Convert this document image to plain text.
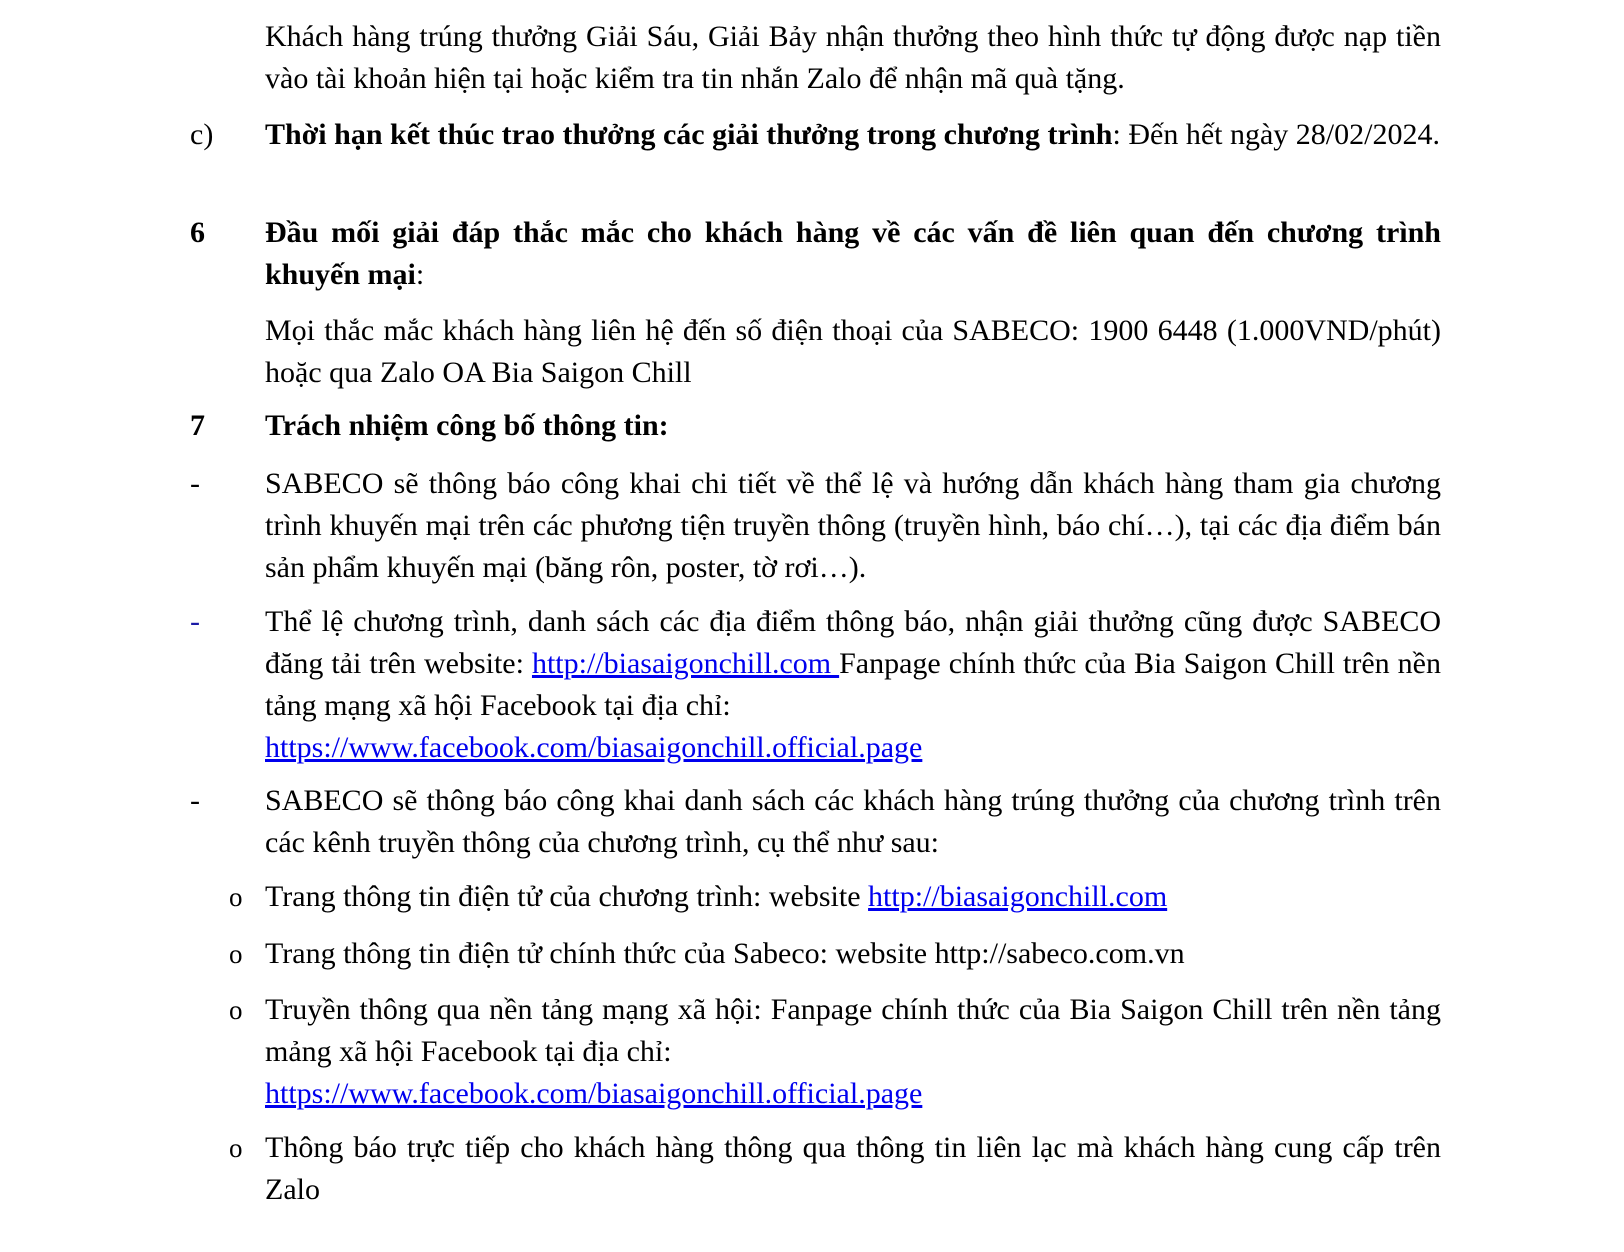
Khách hàng trúng thưởng Giải Sáu, Giải Bảy nhận thưởng theo hình thức tự động được nạp tiền vào tài khoản hiện tại hoặc kiểm tra tin nhắn Zalo để nhận mã quà tặng.
c) Thời hạn kết thúc trao thưởng các giải thưởng trong chương trình: Đến hết ngày 28/02/2024.
6 Đầu mối giải đáp thắc mắc cho khách hàng về các vấn đề liên quan đến chương trình khuyến mại:
Mọi thắc mắc khách hàng liên hệ đến số điện thoại của SABECO: 1900 6448 (1.000VND/phút) hoặc qua Zalo OA Bia Saigon Chill
7 Trách nhiệm công bố thông tin:
- SABECO sẽ thông báo công khai chi tiết về thể lệ và hướng dẫn khách hàng tham gia chương trình khuyến mại trên các phương tiện truyền thông (truyền hình, báo chí…), tại các địa điểm bán sản phẩm khuyến mại (băng rôn, poster, tờ rơi…).
- Thể lệ chương trình, danh sách các địa điểm thông báo, nhận giải thưởng cũng được SABECO đăng tải trên website: http://biasaigonchill.com Fanpage chính thức của Bia Saigon Chill trên nền tảng mạng xã hội Facebook tại địa chỉ:
https://www.facebook.com/biasaigonchill.official.page
- SABECO sẽ thông báo công khai danh sách các khách hàng trúng thưởng của chương trình trên các kênh truyền thông của chương trình, cụ thể như sau:
o Trang thông tin điện tử của chương trình: website http://biasaigonchill.com
o Trang thông tin điện tử chính thức của Sabeco: website http://sabeco.com.vn
o Truyền thông qua nền tảng mạng xã hội: Fanpage chính thức của Bia Saigon Chill trên nền tảng mảng xã hội Facebook tại địa chỉ:
https://www.facebook.com/biasaigonchill.official.page
o Thông báo trực tiếp cho khách hàng thông qua thông tin liên lạc mà khách hàng cung cấp trên Zalo
